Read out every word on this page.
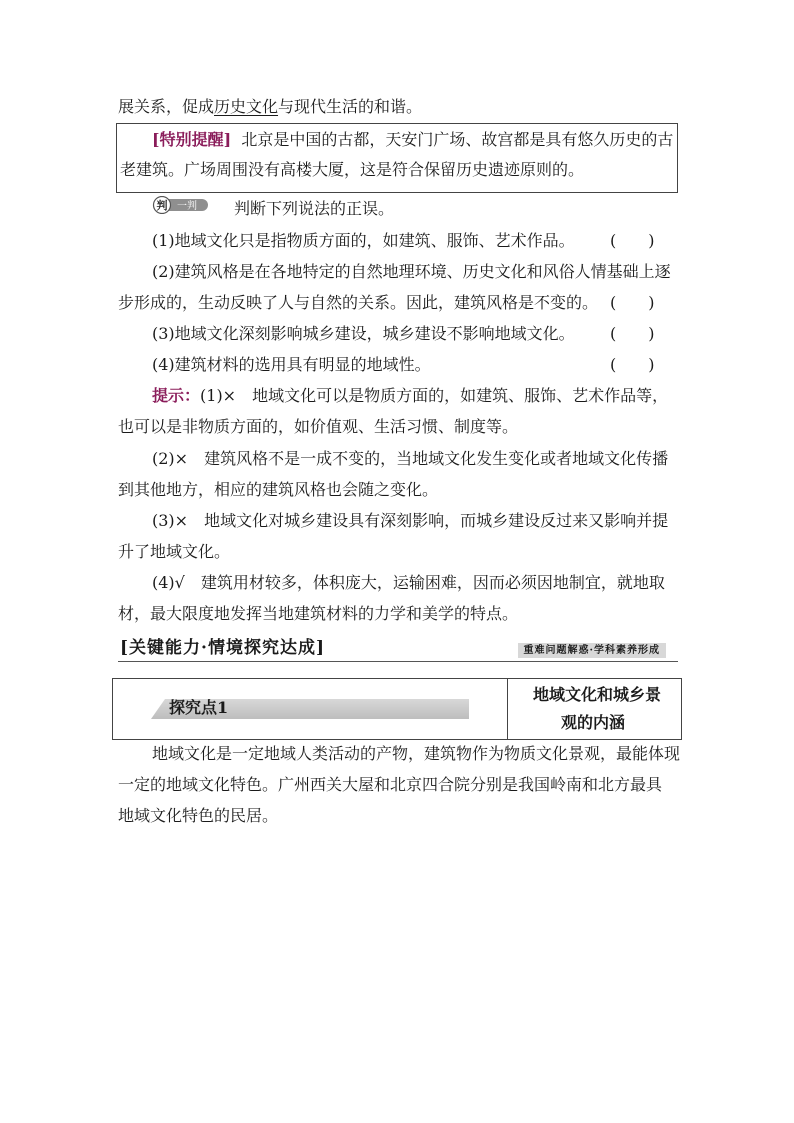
展关系，促成历史文化与现代生活的和谐。
[特别提醒] 北京是中国的古都，天安门广场、故宫都是具有悠久历史的古
老建筑。广场周围没有高楼大厦，这是符合保留历史遗迹原则的。
判 一判 判断下列说法的正误。
(1)地域文化只是指物质方面的，如建筑、服饰、艺术作品。 (　　)
(2)建筑风格是在各地特定的自然地理环境、历史文化和风俗人情基础上逐
步形成的，生动反映了人与自然的关系。因此，建筑风格是不变的。 (　　)
(3)地域文化深刻影响城乡建设，城乡建设不影响地域文化。 (　　)
(4)建筑材料的选用具有明显的地域性。	(　　)
提示：(1)×　地域文化可以是物质方面的，如建筑、服饰、艺术作品等，
也可以是非物质方面的，如价值观、生活习惯、制度等。
(2)×　建筑风格不是一成不变的，当地域文化发生变化或者地域文化传播
到其他地方，相应的建筑风格也会随之变化。
(3)×　地域文化对城乡建设具有深刻影响，而城乡建设反过来又影响并提
升了地域文化。
(4)√　建筑用材较多，体积庞大，运输困难，因而必须因地制宜，就地取
材，最大限度地发挥当地建筑材料的力学和美学的特点。
[关键能力·情境探究达成]	重难问题解惑·学科素养形成
探究点1
地域文化和城乡景
观的内涵
地域文化是一定地域人类活动的产物，建筑物作为物质文化景观，最能体现
一定的地域文化特色。广州西关大屋和北京四合院分别是我国岭南和北方最具
地域文化特色的民居。
